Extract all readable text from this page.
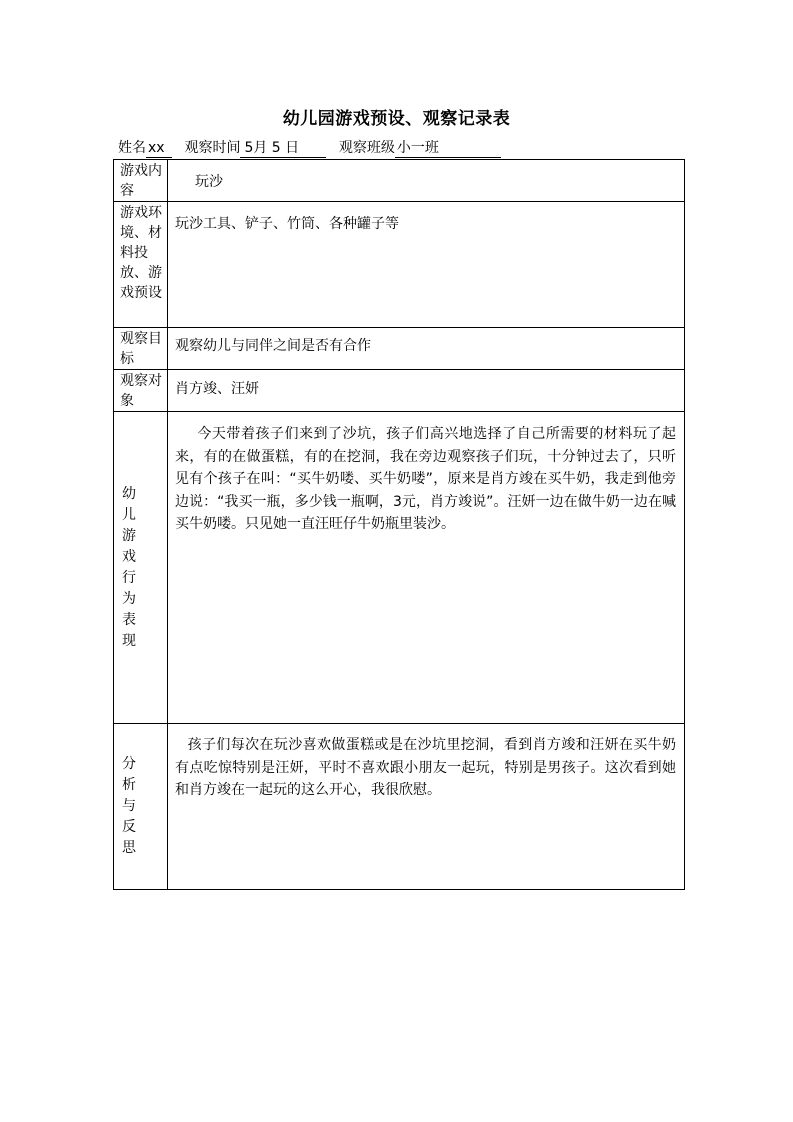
幼儿园游戏预设、观察记录表
姓名 xx 观察时间 5月 5 日	观察班级 小一班
游戏内容	玩沙
游戏环境、材料投放、游戏预设	玩沙工具、铲子、竹筒、各种罐子等
观察目标	观察幼儿与同伴之间是否有合作
观察对象	肖方竣、汪妍

幼儿游戏行为表现	今天带着孩子们来到了沙坑，孩子们高兴地选择了自己所需要的材料玩了起来，有的在做蛋糕，有的在挖洞，我在旁边观察孩子们玩，十分钟过去了，只听见有个孩子在叫：“买牛奶喽、买牛奶喽”，原来是肖方竣在买牛奶，我走到他旁边说：“我买一瓶，多少钱一瓶啊，3元，肖方竣说”。汪妍一边在做牛奶一边在喊买牛奶喽。只见她一直汪旺仔牛奶瓶里装沙。

分析与反思	孩子们每次在玩沙喜欢做蛋糕或是在沙坑里挖洞，看到肖方竣和汪妍在买牛奶有点吃惊特别是汪妍，平时不喜欢跟小朋友一起玩，特别是男孩子。这次看到她和肖方竣在一起玩的这么开心，我很欣慰。
